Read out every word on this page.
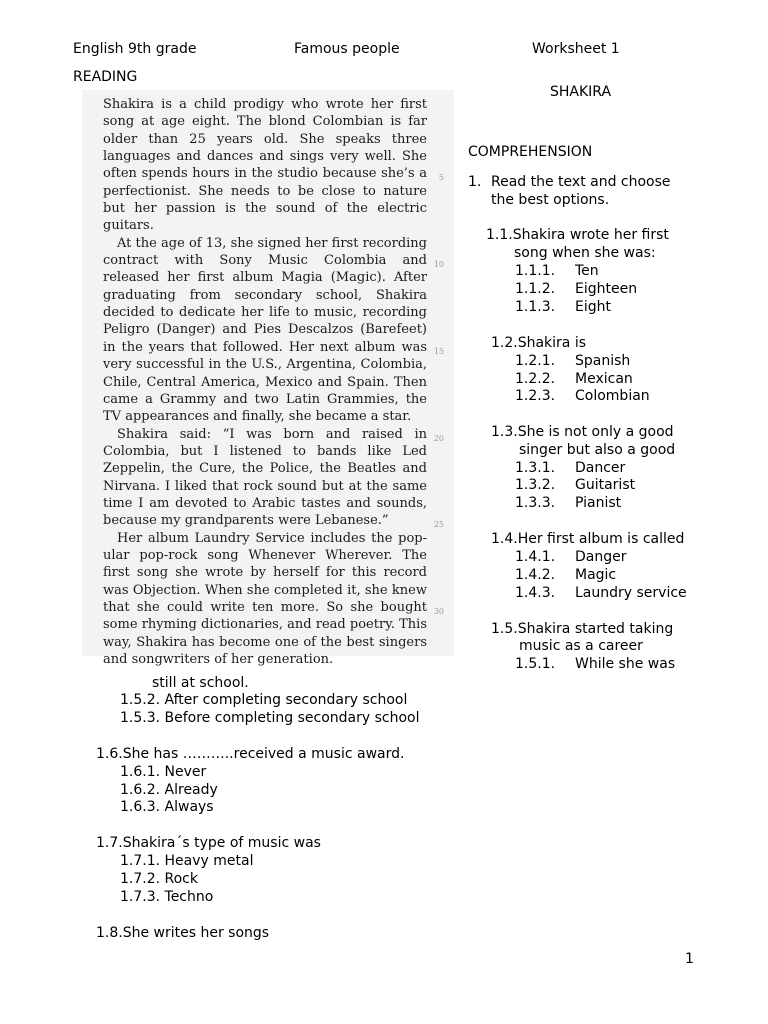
English 9th grade	Famous people	Worksheet 1
READING
SHAKIRA

Shakira is a child prodigy who wrote her first song at age eight. The blond Colombian is far older than 25 years old. She speaks three languages and dances and sings very well. She often spends hours in the studio because she’s a perfectionist. She needs to be close to nature but her passion is the sound of the electric guitars.

At the age of 13, she signed her first recording contract with Sony Music Colombia and released her first album Magia (Magic). After graduating from secondary school, Shakira decided to dedicate her life to music, recording Peligro (Danger) and Pies Descalzos (Barefeet) in the years that followed. Her next album was very successful in the U.S., Argentina, Colombia, Chile, Central America, Mexico and Spain. Then came a Grammy and two Latin Grammies, the TV appearances and finally, she became a star.

Shakira said: “I was born and raised in Colombia, but I listened to bands like Led Zeppelin, the Cure, the Police, the Beatles and Nirvana. I liked that rock sound but at the same time I am devoted to Arabic tastes and sounds, because my grandparents were Lebanese.”

Her album Laundry Service includes the pop-ular pop-rock song Whenever Wherever. The first song she wrote by herself for this record was Objection. When she completed it, she knew that she could write ten more. So she bought some rhyming dictionaries, and read poetry. This way, Shakira has become one of the best singers and songwriters of her generation.

5
10
15
20
25
30
COMPREHENSION
1. Read the text and choose
the best options.
1.1.Shakira wrote her first
song when she was:
1.1.1. Ten
1.1.2. Eighteen
1.1.3. Eight
1.2.Shakira is
1.2.1. Spanish
1.2.2. Mexican
1.2.3. Colombian
1.3.She is not only a good
singer but also a good
1.3.1. Dancer
1.3.2. Guitarist
1.3.3. Pianist
1.4.Her first album is called
1.4.1. Danger
1.4.2. Magic
1.4.3. Laundry service
1.5.Shakira started taking
music as a career
1.5.1. While she was
still at school.
1.5.2. After completing secondary school
1.5.3. Before completing secondary school
1.6.She has ………..received a music award.
1.6.1. Never
1.6.2. Already
1.6.3. Always
1.7.Shakira´s type of music was
1.7.1. Heavy metal
1.7.2. Rock
1.7.3. Techno
1.8.She writes her songs
1
